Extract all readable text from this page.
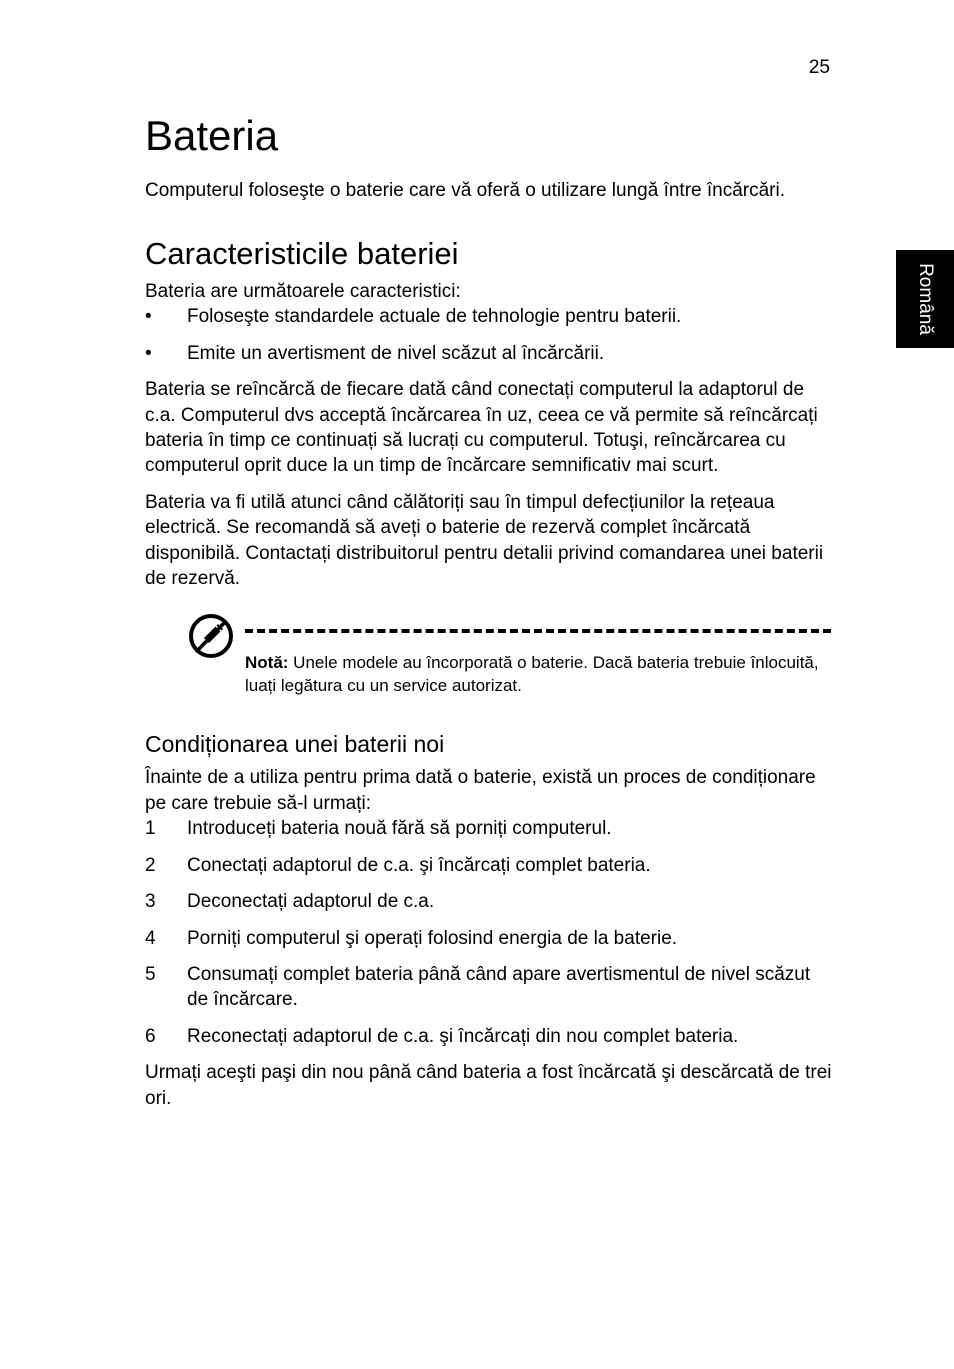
25
Română
Bateria

Computerul foloseşte o baterie care vă oferă o utilizare lungă între încărcări.

Caracteristicile bateriei

Bateria are următoarele caracteristici:

• Foloseşte standardele actuale de tehnologie pentru baterii.
• Emite un avertisment de nivel scăzut al încărcării.

Bateria se reîncărcă de fiecare dată când conectați computerul la adaptorul de c.a. Computerul dvs acceptă încărcarea în uz, ceea ce vă permite să reîncărcați bateria în timp ce continuați să lucrați cu computerul. Totuşi, reîncărcarea cu computerul oprit duce la un timp de încărcare semnificativ mai scurt.

Bateria va fi utilă atunci când călătoriți sau în timpul defecțiunilor la rețeaua electrică. Se recomandă să aveți o baterie de rezervă complet încărcată disponibilă. Contactați distribuitorul pentru detalii privind comandarea unei baterii de rezervă.

Notă: Unele modele au încorporată o baterie. Dacă bateria trebuie înlocuită, luați legătura cu un service autorizat.
Condiționarea unei baterii noi

Înainte de a utiliza pentru prima dată o baterie, există un proces de condiționare pe care trebuie să-l urmați:

1 Introduceți bateria nouă fără să porniți computerul.
2 Conectați adaptorul de c.a. şi încărcați complet bateria.
3 Deconectați adaptorul de c.a.
4 Porniți computerul şi operați folosind energia de la baterie.
5 Consumați complet bateria până când apare avertismentul de nivel scăzut de încărcare.
6 Reconectați adaptorul de c.a. şi încărcați din nou complet bateria.

Urmați aceşti paşi din nou până când bateria a fost încărcată şi descărcată de trei ori.
